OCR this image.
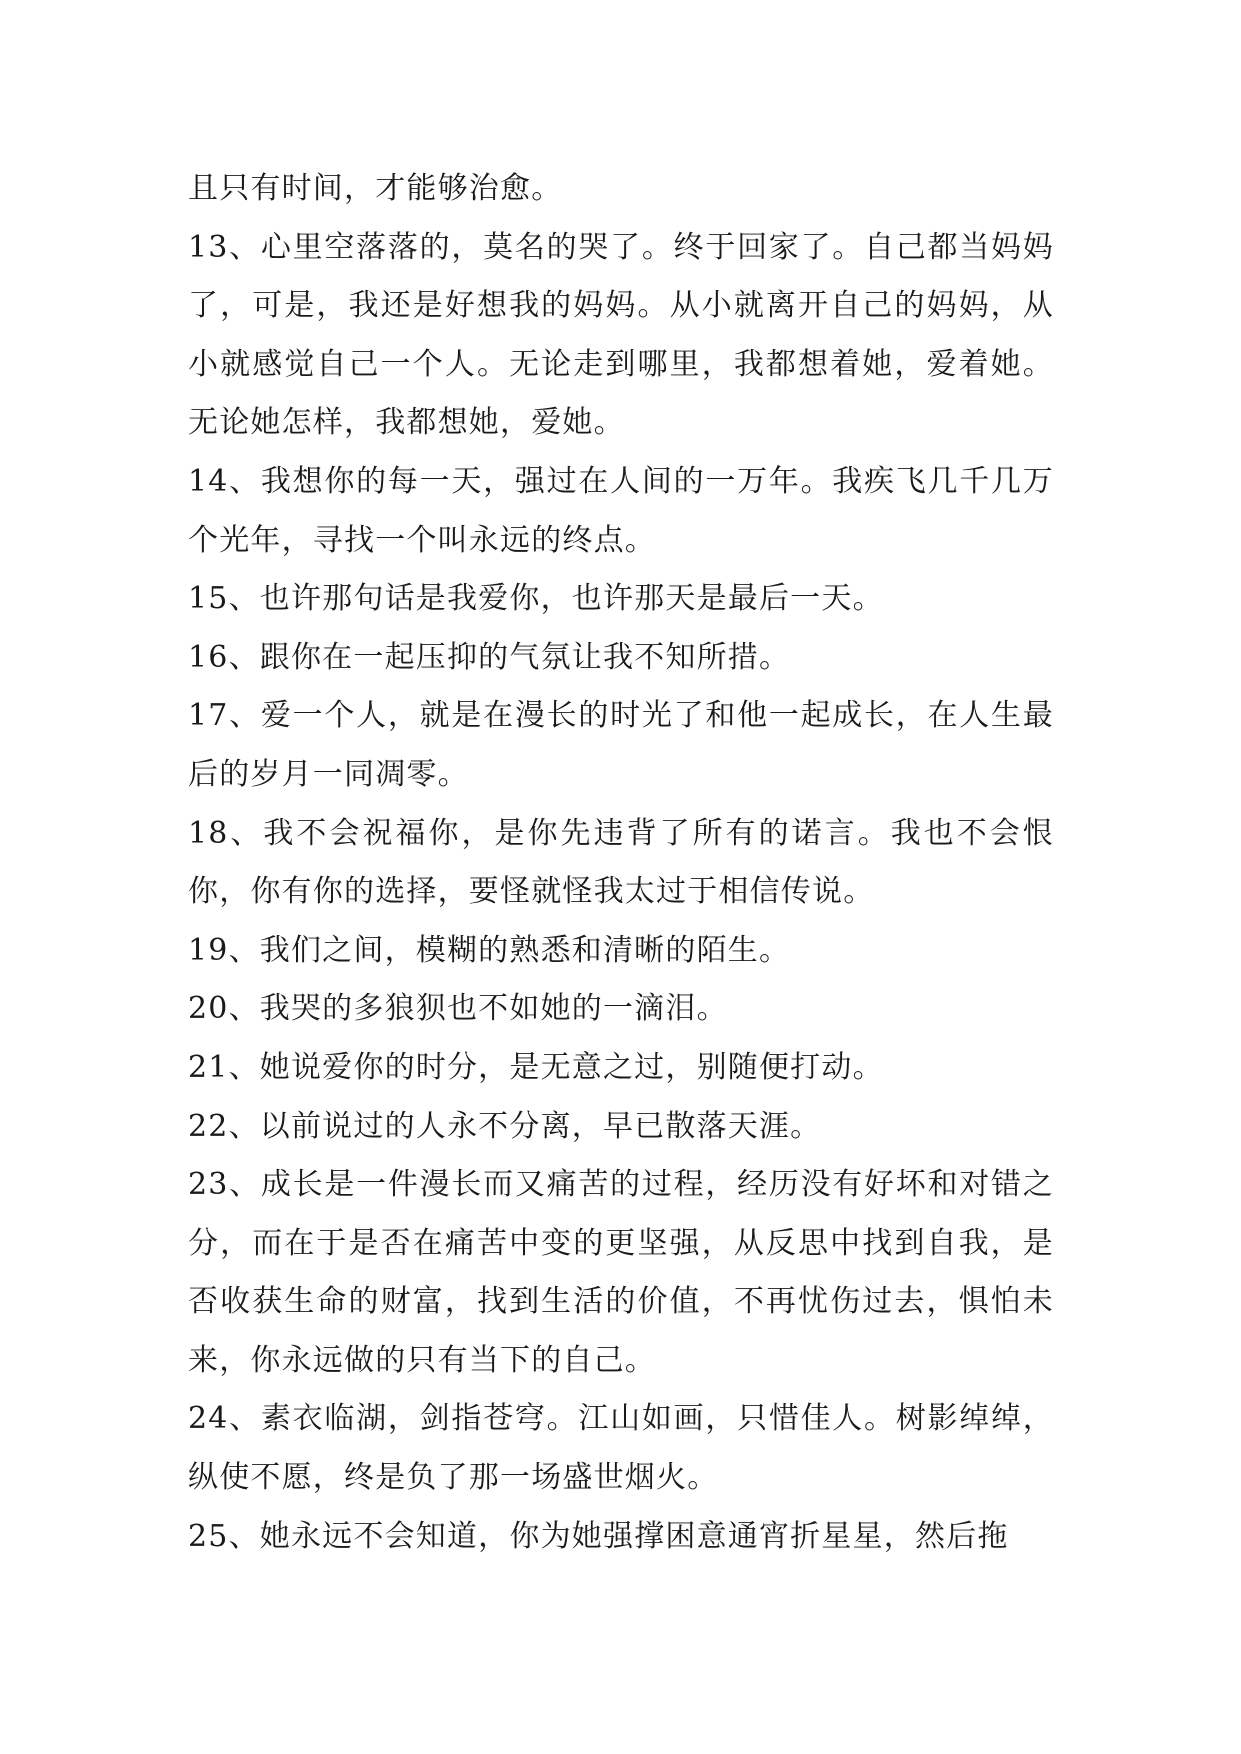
且只有时间，才能够治愈。

13、心里空落落的，莫名的哭了。终于回家了。自己都当妈妈了，可是，我还是好想我的妈妈。从小就离开自己的妈妈，从小就感觉自己一个人。无论走到哪里，我都想着她，爱着她。无论她怎样，我都想她，爱她。

14、我想你的每一天，强过在人间的一万年。我疾飞几千几万个光年，寻找一个叫永远的终点。

15、也许那句话是我爱你，也许那天是最后一天。

16、跟你在一起压抑的气氛让我不知所措。

17、爱一个人，就是在漫长的时光了和他一起成长，在人生最后的岁月一同凋零。

18、我不会祝福你，是你先违背了所有的诺言。我也不会恨你，你有你的选择，要怪就怪我太过于相信传说。

19、我们之间，模糊的熟悉和清晰的陌生。

20、我哭的多狼狈也不如她的一滴泪。

21、她说爱你的时分，是无意之过，别随便打动。

22、以前说过的人永不分离，早已散落天涯。

23、成长是一件漫长而又痛苦的过程，经历没有好坏和对错之分，而在于是否在痛苦中变的更坚强，从反思中找到自我，是否收获生命的财富，找到生活的价值，不再忧伤过去，惧怕未来，你永远做的只有当下的自己。

24、素衣临湖，剑指苍穹。江山如画，只惜佳人。树影绰绰，纵使不愿，终是负了那一场盛世烟火。

25、她永远不会知道，你为她强撑困意通宵折星星，然后拖
